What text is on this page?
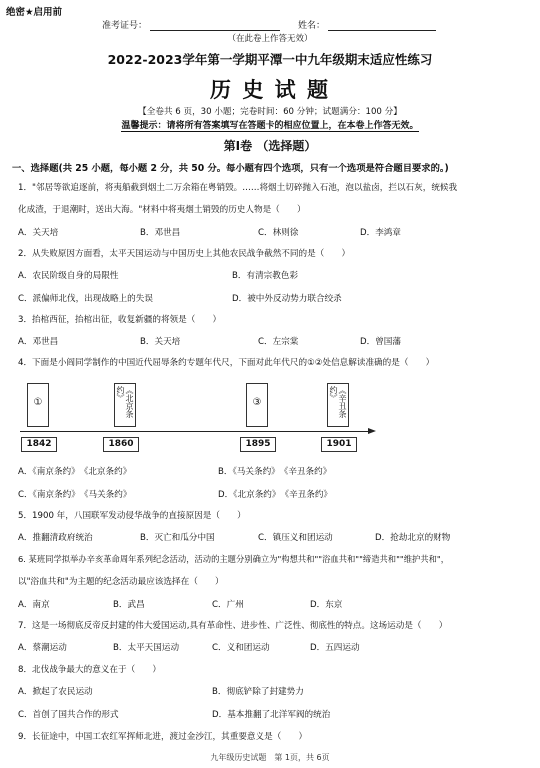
绝密★启用前
准考证号：	姓名：
（在此卷上作答无效）
2022-2023学年第一学期平潭一中九年级期末适应性练习
历 史 试 题
【全卷共 6 页，30 小题；完卷时间：60 分钟；试题满分：100 分】
温馨提示：请将所有答案填写在答题卡的相应位置上，在本卷上作答无效。
第Ⅰ卷 （选择题）
一、选择题(共 25 小题，每小题 2 分，共 50 分。每小题有四个选项，只有一个选项是符合题目要求的。)
1．"邻居等欲追逐前，将夷船截到烟土二万余箱在粤销毁。……将烟土切碎抛入石池，泡以盐卤，拦以石灰，统候我
化成渣，于退潮时，送出大海。"材料中将夷烟土销毁的历史人物是（　　）
A．关天培	B．邓世昌	C．林则徐	D．李鸿章
2．从失败原因方面看，太平天国运动与中国历史上其他农民战争截然不同的是（　　）
A．农民阶级自身的局限性	B．有清宗教色彩
C．派偏师北伐，出现战略上的失误	D．被中外反动势力联合绞杀
3．抬棺西征，抬棺出征，收复新疆的将领是（　　）
A．邓世昌	B．关天培	C．左宗棠	D．曾国藩
4．下面是小阎同学制作的中国近代屈辱条约专题年代尺，下面对此年代尺的①②处信息解读准确的是（　　）
①	《北京条约》
③	《辛丑条约》
1842	1860	1895	1901
A．《南京条约》　《北京条约》	B．《马关条约》　《辛丑条约》
C．《南京条约》　《马关条约》	D．《北京条约》　《辛丑条约》
5．1900 年，八国联军发动侵华战争的直接原因是（　　）
A．推翻清政府统治	B．灭亡和瓜分中国	C．镇压义和团运动	D．抢劫北京的财物
6. 某班同学拟举办辛亥革命周年系列纪念活动，活动的主题分别确立为"构想共和""浴血共和""缔造共和""维护共和"，
以"浴血共和"为主题的纪念活动最应该选择在（　　）
A．南京	B．武昌	C．广州	D．东京
7．这是一场彻底反帝反封建的伟大爱国运动,具有革命性、进步性、广泛性、彻底性的特点。这场运动是（　　）
A．蔡潮运动	B．太平天国运动	C．义和团运动	D．五四运动
8．北伐战争最大的意义在于（　　）
A．掀起了农民运动	B．彻底铲除了封建势力
C．首创了国共合作的形式	D．基本推翻了北洋军阀的统治
9．长征途中，中国工农红军挥师北进，渡过金沙江，其重要意义是（　　）
九年级历史试题　第 1页，共 6页
